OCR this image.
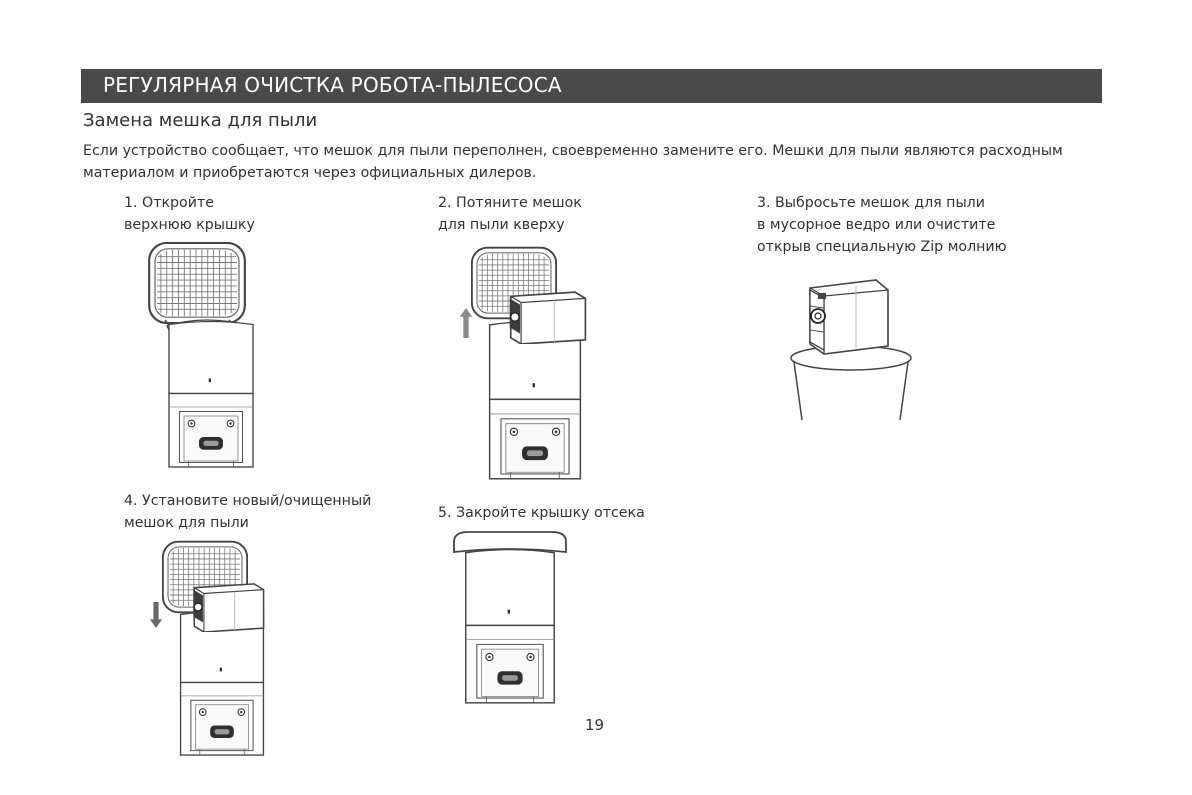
РЕГУЛЯРНАЯ ОЧИСТКА РОБОТА-ПЫЛЕСОСА
Замена мешка для пыли
Если устройство сообщает, что мешок для пыли переполнен, своевременно замените его. Мешки для пыли являются расходным материалом и приобретаются через официальных дилеров.
1. Откройте
верхнюю крышку
2. Потяните мешок
для пыли кверху
3. Выбросьте мешок для пыли
в мусорное ведро или очистите
открыв специальную Zip молнию
4. Установите новый/очищенный
мешок для пыли
5. Закройте крышку отсека
19
